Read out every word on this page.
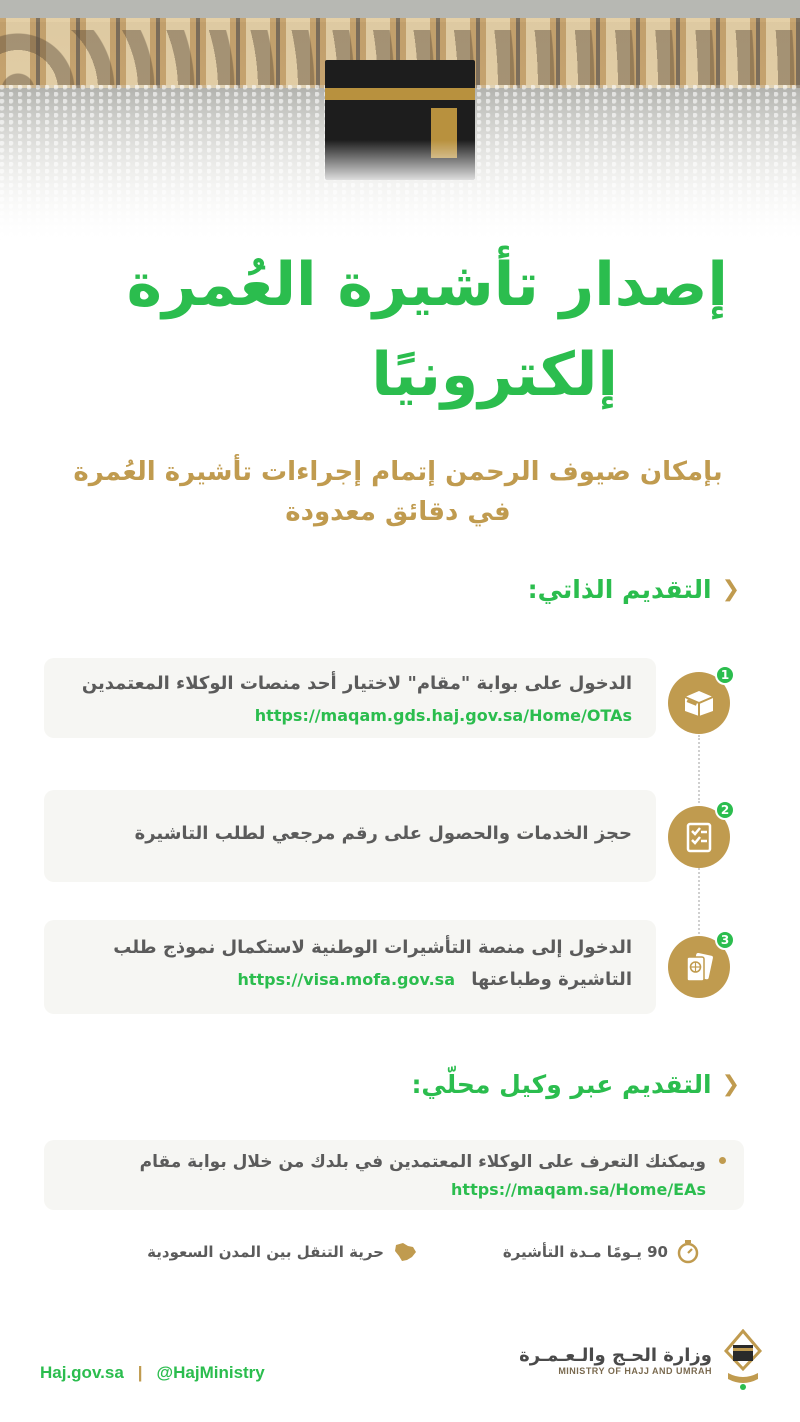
إصدار تأشيرة العُمرة
إلكترونيًا
بإمكان ضيوف الرحمن إتمام إجراءات تأشيرة العُمرة
في دقائق معدودة
❮
التقديم الذاتي:
الدخول على بوابة "مقام" لاختيار أحد منصات الوكلاء المعتمدين
https://maqam.gds.haj.gov.sa/Home/OTAs
1
حجز الخدمات والحصول على رقم مرجعي لطلب التاشيرة
2
الدخول إلى منصة التأشيرات الوطنية لاستكمال نموذج طلب
التاشيرة وطباعتها https://visa.mofa.gov.sa
3
❮
التقديم عبر وكيل محلّي:
ويمكنك التعرف على الوكلاء المعتمدين في بلدك من خلال بوابة مقام
https://maqam.sa/Home/EAs
90 يـومًا مـدة التأشيرة
حرية التنقل بين المدن السعودية
Haj.gov.sa | @HajMinistry
وزارة الحـج والـعـمـرة
MINISTRY OF HAJJ AND UMRAH
